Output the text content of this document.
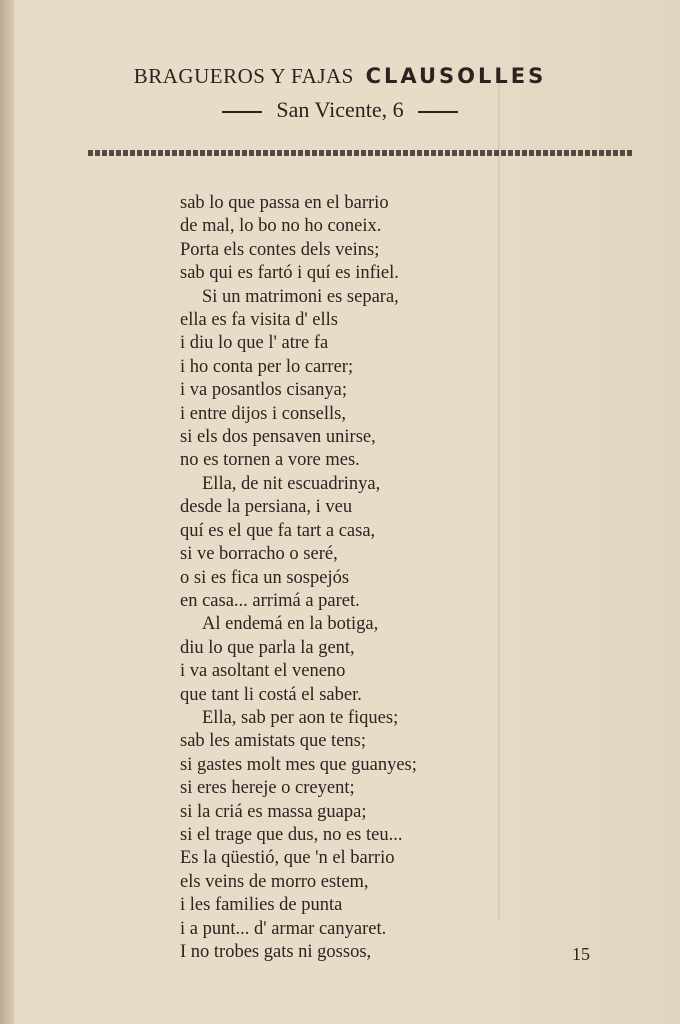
BRAGUEROS Y FAJAS CLAUSOLLES
San Vicente, 6
sab lo que passa en el barrio
de mal, lo bo no ho coneix.
Porta els contes dels veins;
sab qui es fartó i quí es infiel.
Si un matrimoni es separa,
ella es fa visita d' ells
i diu lo que l' atre fa
i ho conta per lo carrer;
i va posantlos cisanya;
i entre dijos i consells,
si els dos pensaven unirse,
no es tornen a vore mes.
Ella, de nit escuadrinya,
desde la persiana, i veu
quí es el que fa tart a casa,
si ve borracho o seré,
o si es fica un sospejós
en casa... arrimá a paret.
Al endemá en la botiga,
diu lo que parla la gent,
i va asoltant el veneno
que tant li costá el saber.
Ella, sab per aon te fiques;
sab les amistats que tens;
si gastes molt mes que guanyes;
si eres hereje o creyent;
si la criá es massa guapa;
si el trage que dus, no es teu...
Es la qüestió, que 'n el barrio
els veins de morro estem,
i les families de punta
i a punt... d' armar canyaret.
I no trobes gats ni gossos,	15
